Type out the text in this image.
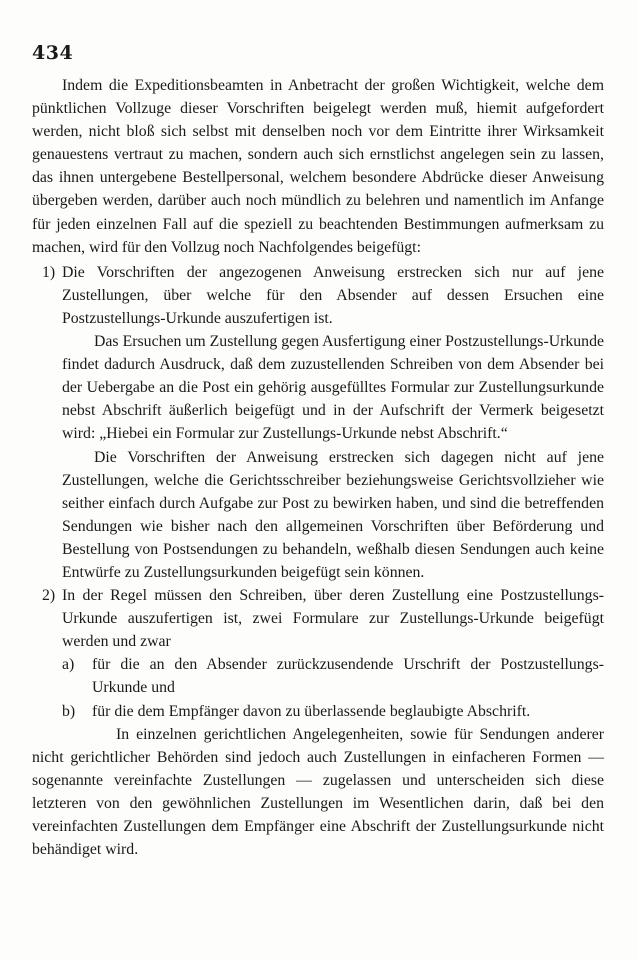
434

Indem die Expeditionsbeamten in Anbetracht der großen Wichtigkeit, welche dem pünktlichen Vollzuge dieser Vorschriften beigelegt werden muß, hiemit aufgefordert werden, nicht bloß sich selbst mit denselben noch vor dem Eintritte ihrer Wirksamkeit genauestens vertraut zu machen, sondern auch sich ernstlichst angelegen sein zu lassen, das ihnen untergebene Bestellpersonal, welchem besondere Abdrücke dieser Anweisung übergeben werden, darüber auch noch mündlich zu belehren und namentlich im Anfange für jeden einzelnen Fall auf die speziell zu beachtenden Bestimmungen aufmerksam zu machen, wird für den Vollzug noch Nachfolgendes beigefügt:

1) Die Vorschriften der angezogenen Anweisung erstrecken sich nur auf jene Zustellungen, über welche für den Absender auf dessen Ersuchen eine Postzustellungs-Urkunde auszufertigen ist.

Das Ersuchen um Zustellung gegen Ausfertigung einer Postzustellungs-Urkunde findet dadurch Ausdruck, daß dem zuzustellenden Schreiben von dem Absender bei der Uebergabe an die Post ein gehörig ausgefülltes Formular zur Zustellungsurkunde nebst Abschrift äußerlich beigefügt und in der Aufschrift der Vermerk beigesetzt wird: „Hiebei ein Formular zur Zustellungs-Urkunde nebst Abschrift.“

Die Vorschriften der Anweisung erstrecken sich dagegen nicht auf jene Zustellungen, welche die Gerichtsschreiber beziehungsweise Gerichtsvollzieher wie seither einfach durch Aufgabe zur Post zu bewirken haben, und sind die betreffenden Sendungen wie bisher nach den allgemeinen Vorschriften über Beförderung und Bestellung von Postsendungen zu behandeln, weßhalb diesen Sendungen auch keine Entwürfe zu Zustellungsurkunden beigefügt sein können.

2) In der Regel müssen den Schreiben, über deren Zustellung eine Postzustellungs-Urkunde auszufertigen ist, zwei Formulare zur Zustellungs-Urkunde beigefügt werden und zwar

a) für die an den Absender zurückzusendende Urschrift der Postzustellungs-Urkunde und

b) für die dem Empfänger davon zu überlassende beglaubigte Abschrift.

In einzelnen gerichtlichen Angelegenheiten, sowie für Sendungen anderer nicht gerichtlicher Behörden sind jedoch auch Zustellungen in einfacheren Formen — sogenannte vereinfachte Zustellungen — zugelassen und unterscheiden sich diese letzteren von den gewöhnlichen Zustellungen im Wesentlichen darin, daß bei den vereinfachten Zustellungen dem Empfänger eine Abschrift der Zustellungsurkunde nicht behändiget wird.
